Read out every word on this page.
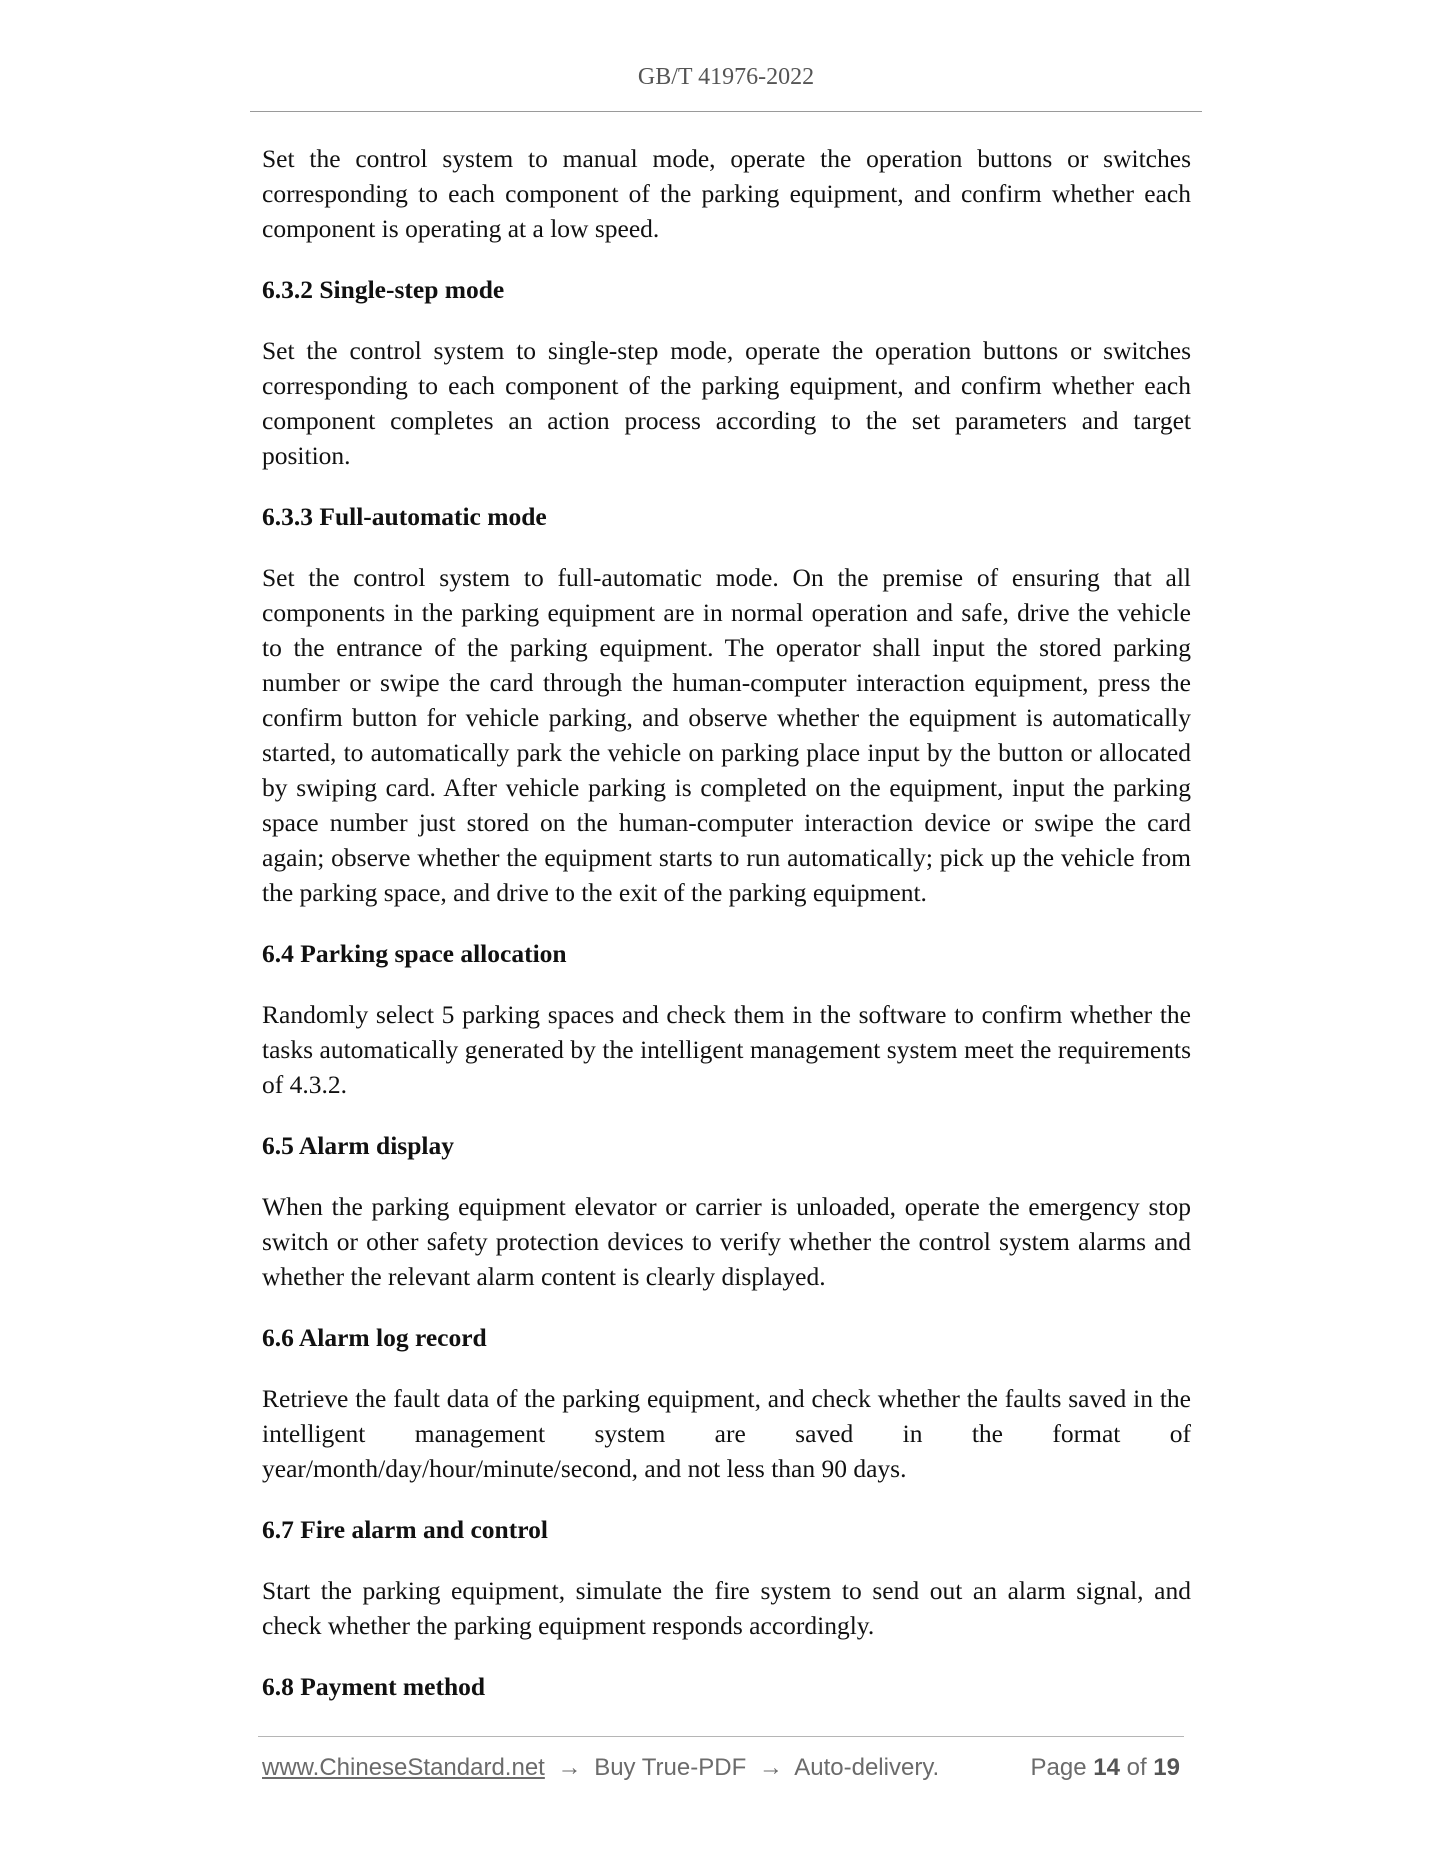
GB/T 41976-2022

Set the control system to manual mode, operate the operation buttons or switches corresponding to each component of the parking equipment, and confirm whether each component is operating at a low speed.

6.3.2 Single-step mode

Set the control system to single-step mode, operate the operation buttons or switches corresponding to each component of the parking equipment, and confirm whether each component completes an action process according to the set parameters and target position.

6.3.3 Full-automatic mode

Set the control system to full-automatic mode. On the premise of ensuring that all components in the parking equipment are in normal operation and safe, drive the vehicle to the entrance of the parking equipment. The operator shall input the stored parking number or swipe the card through the human-computer interaction equipment, press the confirm button for vehicle parking, and observe whether the equipment is automatically started, to automatically park the vehicle on parking place input by the button or allocated by swiping card. After vehicle parking is completed on the equipment, input the parking space number just stored on the human-computer interaction device or swipe the card again; observe whether the equipment starts to run automatically; pick up the vehicle from the parking space, and drive to the exit of the parking equipment.

6.4 Parking space allocation

Randomly select 5 parking spaces and check them in the software to confirm whether the tasks automatically generated by the intelligent management system meet the requirements of 4.3.2.

6.5 Alarm display

When the parking equipment elevator or carrier is unloaded, operate the emergency stop switch or other safety protection devices to verify whether the control system alarms and whether the relevant alarm content is clearly displayed.

6.6 Alarm log record

Retrieve the fault data of the parking equipment, and check whether the faults saved in the intelligent management system are saved in the format of year/month/day/hour/minute/second, and not less than 90 days.

6.7 Fire alarm and control

Start the parking equipment, simulate the fire system to send out an alarm signal, and check whether the parking equipment responds accordingly.

6.8 Payment method

www.ChineseStandard.net → Buy True-PDF → Auto-delivery.	Page 14 of 19
